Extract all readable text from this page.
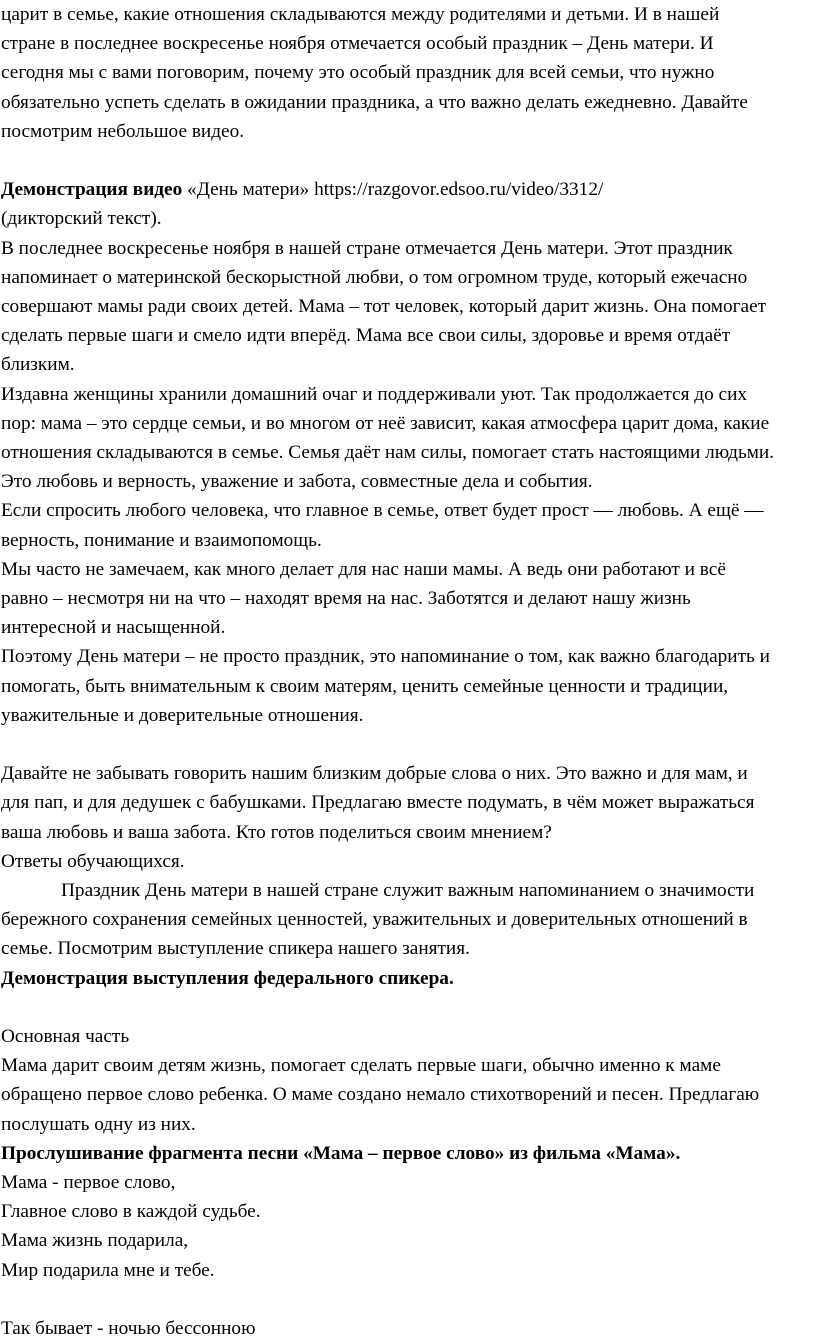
царит в семье, какие отношения складываются между родителями и детьми. И в нашей

стране в последнее воскресенье ноября отмечается особый праздник – День матери. И

сегодня мы с вами поговорим, почему это особый праздник для всей семьи, что нужно

обязательно успеть сделать в ожидании праздника, а что важно делать ежедневно. Давайте

посмотрим небольшое видео.

Демонстрация видео «День матери» https://razgovor.edsoo.ru/video/3312/

(дикторский текст).

В последнее воскресенье ноября в нашей стране отмечается День матери. Этот праздник

напоминает о материнской бескорыстной любви, о том огромном труде, который ежечасно

совершают мамы ради своих детей. Мама – тот человек, который дарит жизнь. Она помогает

сделать первые шаги и смело идти вперёд. Мама все свои силы, здоровье и время отдаёт

близким.

Издавна женщины хранили домашний очаг и поддерживали уют. Так продолжается до сих

пор: мама – это сердце семьи, и во многом от неё зависит, какая атмосфера царит дома, какие

отношения складываются в семье. Семья даёт нам силы, помогает стать настоящими людьми.

Это любовь и верность, уважение и забота, совместные дела и события.

Если спросить любого человека, что главное в семье, ответ будет прост — любовь. А ещё —

верность, понимание и взаимопомощь.

Мы часто не замечаем, как много делает для нас наши мамы. А ведь они работают и всё

равно – несмотря ни на что – находят время на нас. Заботятся и делают нашу жизнь

интересной и насыщенной.

Поэтому День матери – не просто праздник, это напоминание о том, как важно благодарить и

помогать, быть внимательным к своим матерям, ценить семейные ценности и традиции,

уважительные и доверительные отношения.

Давайте не забывать говорить нашим близким добрые слова о них. Это важно и для мам, и

для пап, и для дедушек с бабушками. Предлагаю вместе подумать, в чём может выражаться

ваша любовь и ваша забота. Кто готов поделиться своим мнением?

Ответы обучающихся.

Праздник День матери в нашей стране служит важным напоминанием о значимости

бережного сохранения семейных ценностей, уважительных и доверительных отношений в

семье. Посмотрим выступление спикера нашего занятия.

Демонстрация выступления федерального спикера.

Основная часть

Мама дарит своим детям жизнь, помогает сделать первые шаги, обычно именно к маме

обращено первое слово ребенка. О маме создано немало стихотворений и песен. Предлагаю

послушать одну из них.

Прослушивание фрагмента песни «Мама – первое слово» из фильма «Мама».

Мама - первое слово,

Главное слово в каждой судьбе.

Мама жизнь подарила,

Мир подарила мне и тебе.

Так бывает - ночью бессонною
